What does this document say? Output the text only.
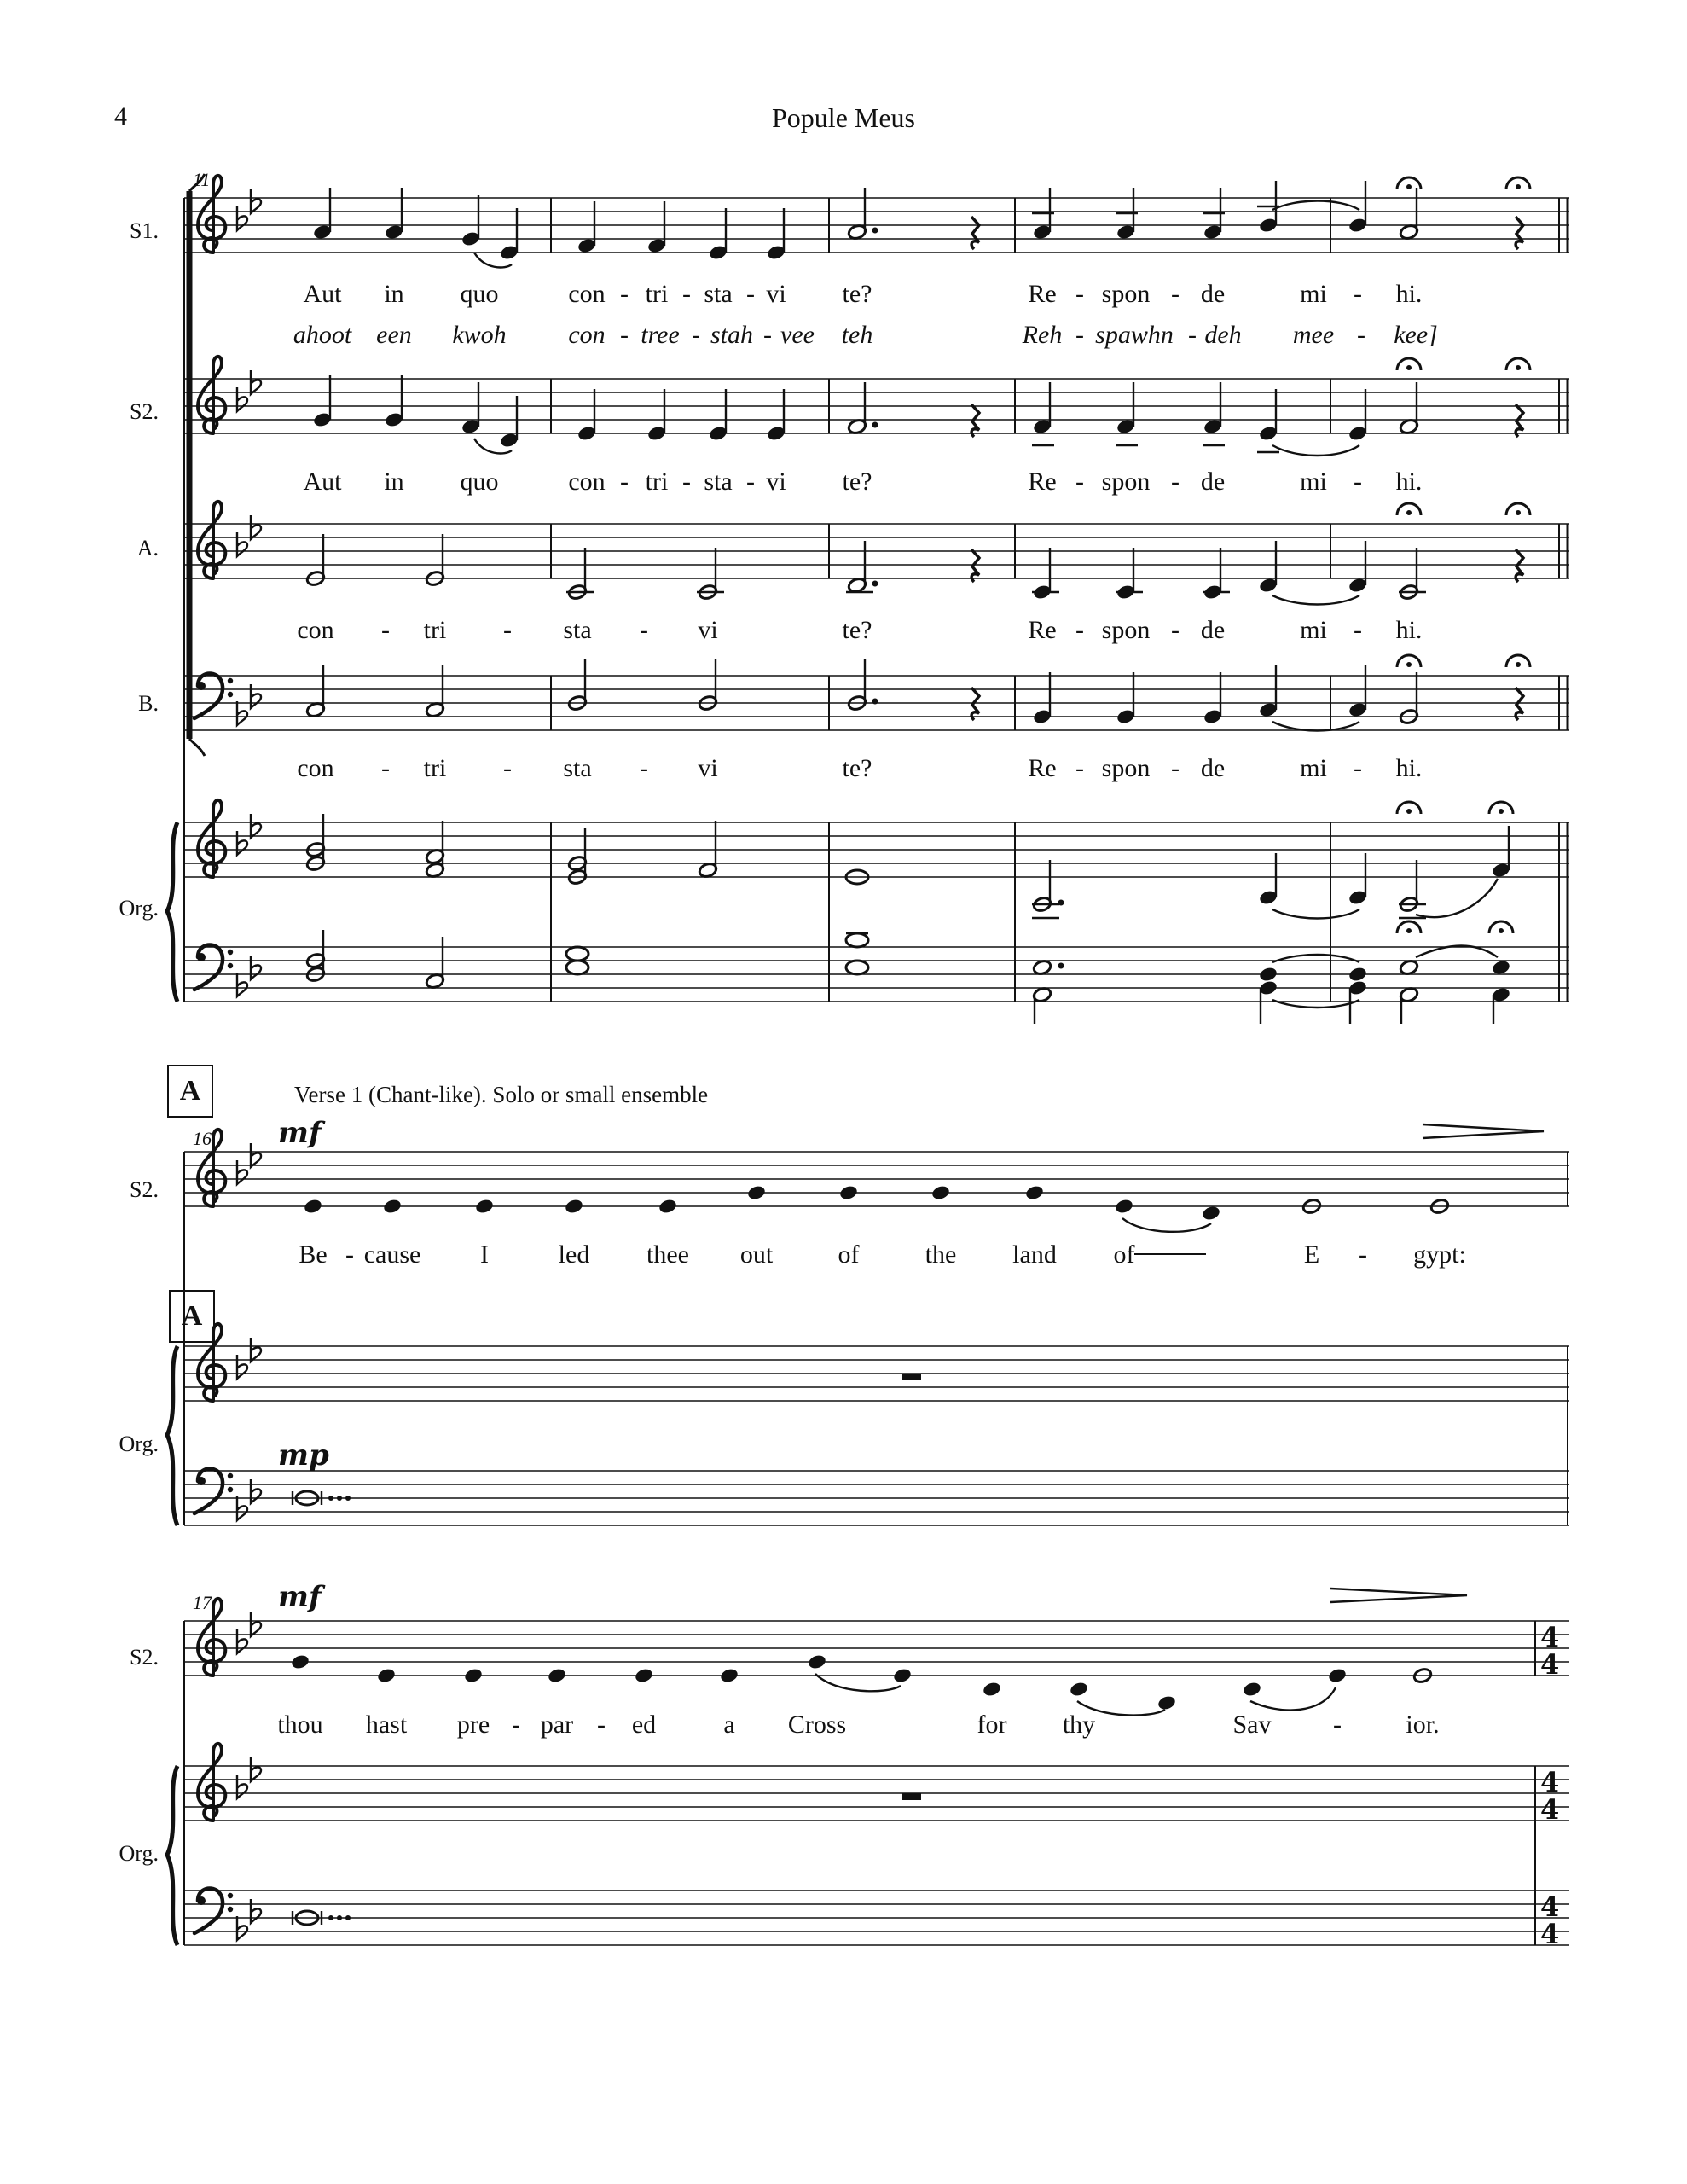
4	Popule Meus
11
S1.
S2.
A.
B.
Org.
Aut in quo	con - tri - sta - vi te?	Re - spon - de	mi - hi.
ahoot een kwoh con - tree - stah - vee teh	Reh - spawhn - deh mee - kee]
Aut in quo	con - tri - sta - vi te?	Re - spon - de	mi - hi.
con - tri - sta - vi	te?	Re - spon - de	mi - hi.
con - tri - sta - vi	te?	Re - spon - de	mi - hi.
A
A
Verse 1 (Chant-like). Solo or small ensemble
16 mf
mp
S2.
Org.
Be - cause I	led thee out	of	the land of	E - gypt:
17 mf
S2.
Org.
thou hast pre - par - ed	a Cross	for thy	Sav -	ior.
4
4
4
4
4
4
